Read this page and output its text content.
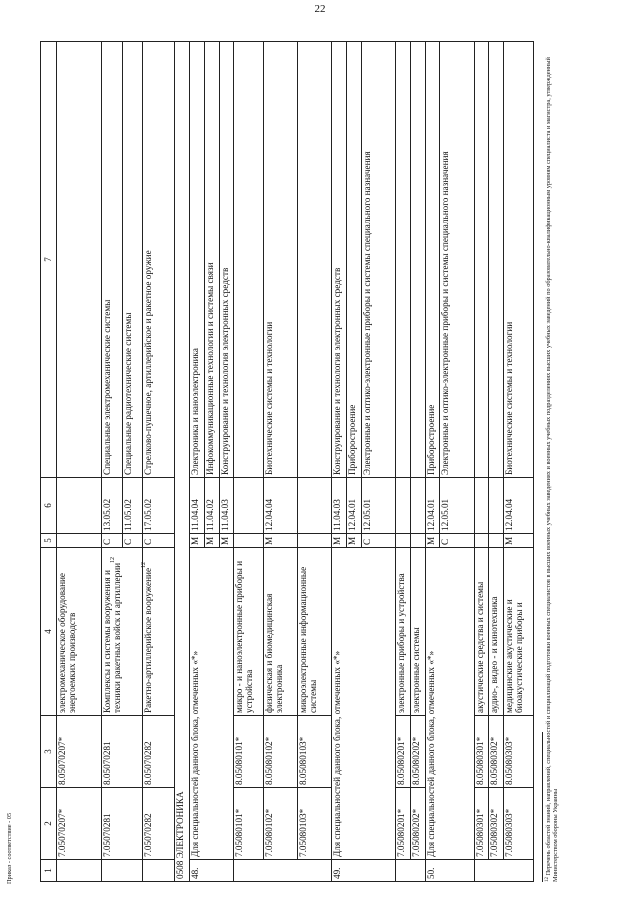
22
Приказ - соответствие - 05	1	2	3	4	5	6	7
	7.05070207*	8.05070207*	электромеханическое оборудование энергоемких производств			
	7.05070281	8.05070281	Комплексы и системы вооружения и техники ракетных войск и артиллерии$^{12}$	С	13.05.02	Специальные электромеханические системы
				С	11.05.02	Специальные радиотехнические системы
	7.05070282	8.05070282	Ракетно-артиллерийское вооружение$^{12}$	С	17.05.02	Стрелково-пушечное, артиллерийское и ракетное оружие
0508 ЭЛЕКТРОНИКА						
48.	Для специальностей данного блока, отмеченных «*»			М	11.04.04	Электроника и наноэлектроника
				М	11.04.02	Инфокоммуникационные технологии и системы связи
				М	11.04.03	Конструирование и технология электронных средств
	7.05080101*	8.05080101*	микро - и наноэлектронные приборы и устройства			
	7.05080102*	8.05080102*	физическая и биомедицинская электроника	М	12.04.04	Биотехнические системы и технологии
	7.05080103*	8.05080103*	микроэлектронные информационные системы			
49.	Для специальностей данного блока, отмеченных «*»			М	11.04.03	Конструирование и технология электронных средств
				М	12.04.01	Приборостроение
				С	12.05.01	Электронные и оптико-электронные приборы и системы специального назначения
	7.05080201*	8.05080201*	электронные приборы и устройства			
	7.05080202*	8.05080202*	электронные системы			
50.	Для специальностей данного блока, отмеченных «*»			М	12.04.01	Приборостроение
				С	12.05.01	Электронные и оптико-электронные приборы и системы специального назначения
	7.05080301*	8.05080301*	акустические средства и системы			
	7.05080302*	8.05080302*	аудио-, видео - и кинотехника			
	7.05080303*	8.05080303*	медицинские акустические и биоакустические приборы и	М	12.04.04	Биотехнические системы и технологии
$^{12}$ Перечень областей знаний, направлений, специальностей и специализаций подготовки военных специалистов в высших военных учебных заведениях и военных учебных подразделениях высших учебных заведений по образовательно-квалификационным уровням специалиста и магистра, утвержденный Министерством обороны Украины
